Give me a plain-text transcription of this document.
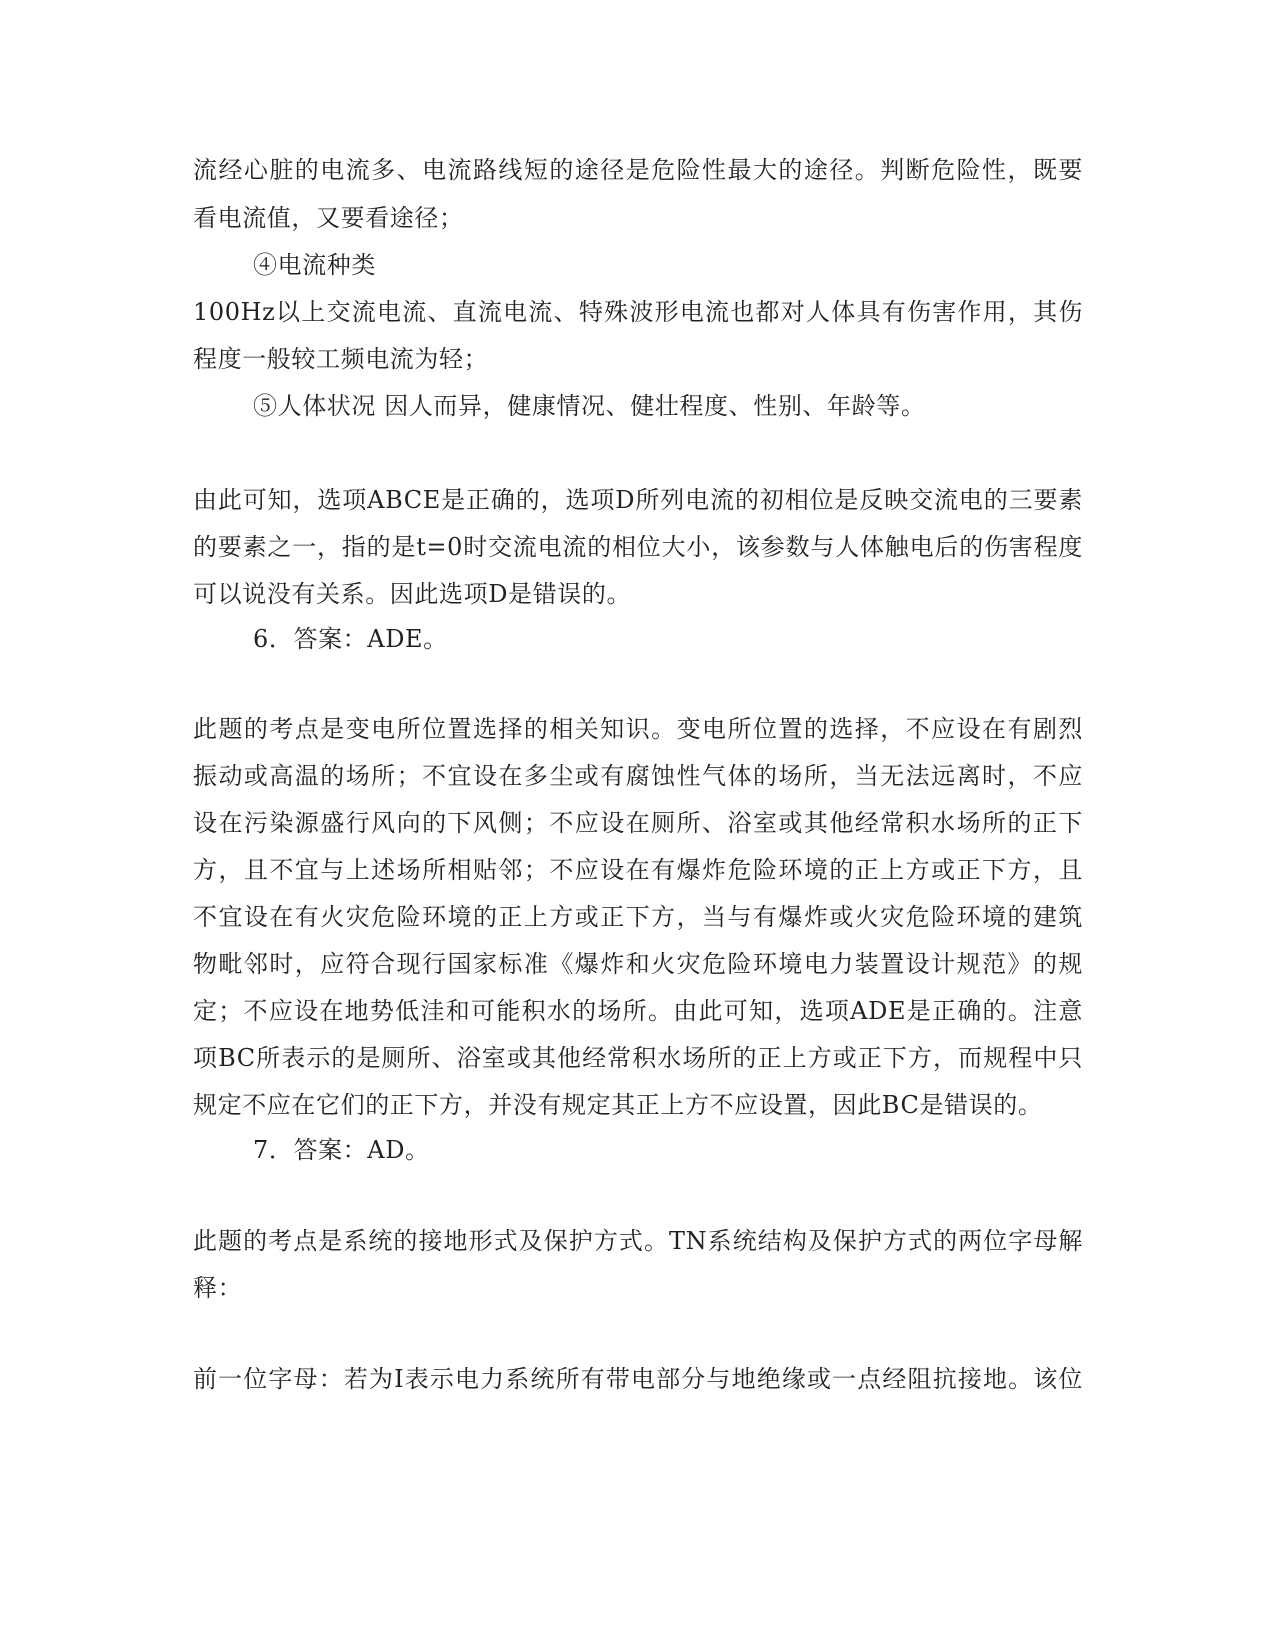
流经心脏的电流多、电流路线短的途径是危险性最大的途径。判断危险性，既要
看电流值，又要看途径；
④电流种类
100Hz以上交流电流、直流电流、特殊波形电流也都对人体具有伤害作用，其伤
程度一般较工频电流为轻；
⑤人体状况 因人而异，健康情况、健壮程度、性别、年龄等。
由此可知，选项ABCE是正确的，选项D所列电流的初相位是反映交流电的三要素
的要素之一，指的是t=0时交流电流的相位大小，该参数与人体触电后的伤害程度
可以说没有关系。因此选项D是错误的。
6．答案：ADE。
此题的考点是变电所位置选择的相关知识。变电所位置的选择，不应设在有剧烈
振动或高温的场所；不宜设在多尘或有腐蚀性气体的场所，当无法远离时，不应
设在污染源盛行风向的下风侧；不应设在厕所、浴室或其他经常积水场所的正下
方，且不宜与上述场所相贴邻；不应设在有爆炸危险环境的正上方或正下方，且
不宜设在有火灾危险环境的正上方或正下方，当与有爆炸或火灾危险环境的建筑
物毗邻时，应符合现行国家标准《爆炸和火灾危险环境电力装置设计规范》的规
定；不应设在地势低洼和可能积水的场所。由此可知，选项ADE是正确的。注意
项BC所表示的是厕所、浴室或其他经常积水场所的正上方或正下方，而规程中只
规定不应在它们的正下方，并没有规定其正上方不应设置，因此BC是错误的。
7．答案：AD。
此题的考点是系统的接地形式及保护方式。TN系统结构及保护方式的两位字母解
释：
前一位字母：若为I表示电力系统所有带电部分与地绝缘或一点经阻抗接地。该位
